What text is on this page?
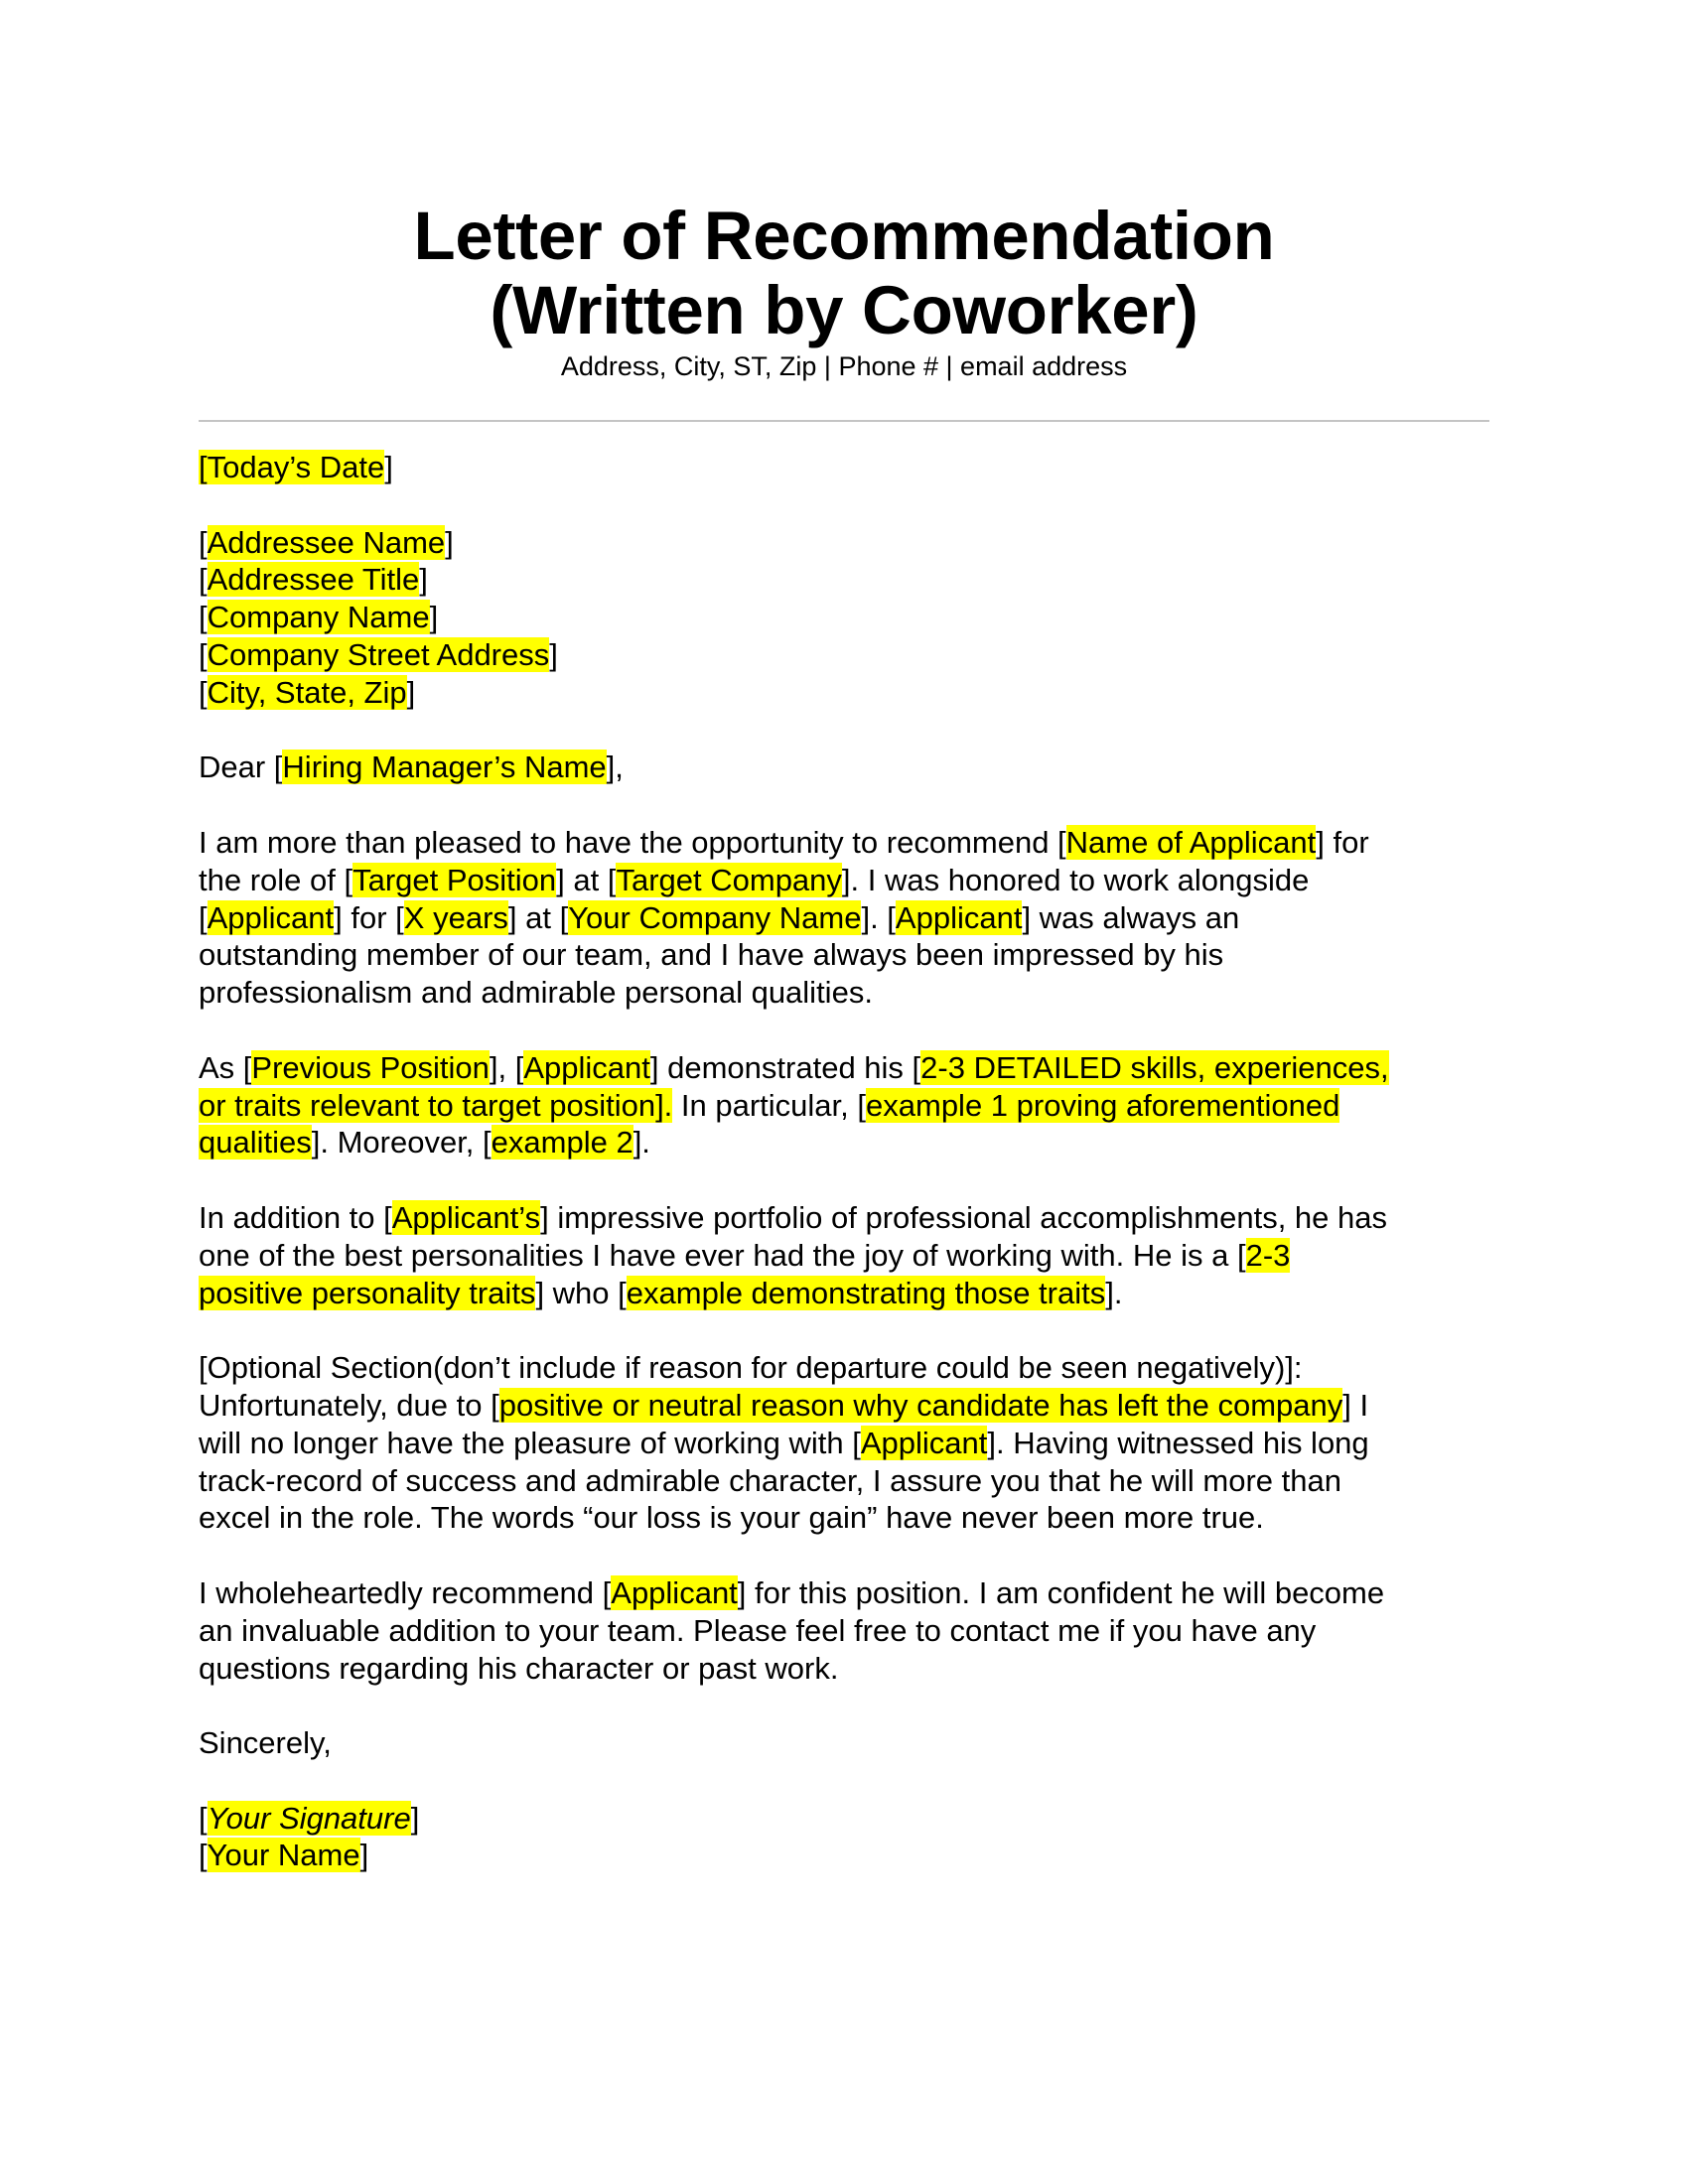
Letter of Recommendation
(Written by Coworker)
Address, City, ST, Zip | Phone # | email address
[Today’s Date]
[Addressee Name]
[Addressee Title]
[Company Name]
[Company Street Address]
[City, State, Zip]
Dear [Hiring Manager’s Name],
I am more than pleased to have the opportunity to recommend [Name of Applicant] for
the role of [Target Position] at [Target Company]. I was honored to work alongside
[Applicant] for [X years] at [Your Company Name]. [Applicant] was always an
outstanding member of our team, and I have always been impressed by his
professionalism and admirable personal qualities.
As [Previous Position], [Applicant] demonstrated his [2-3 DETAILED skills, experiences,
or traits relevant to target position]. In particular, [example 1 proving aforementioned
qualities]. Moreover, [example 2].
In addition to [Applicant’s] impressive portfolio of professional accomplishments, he has
one of the best personalities I have ever had the joy of working with. He is a [2-3
positive personality traits] who [example demonstrating those traits].
[Optional Section(don’t include if reason for departure could be seen negatively)]:
Unfortunately, due to [positive or neutral reason why candidate has left the company] I
will no longer have the pleasure of working with [Applicant]. Having witnessed his long
track-record of success and admirable character, I assure you that he will more than
excel in the role. The words “our loss is your gain” have never been more true.
I wholeheartedly recommend [Applicant] for this position. I am confident he will become
an invaluable addition to your team. Please feel free to contact me if you have any
questions regarding his character or past work.
Sincerely,
[Your Signature]
[Your Name]
